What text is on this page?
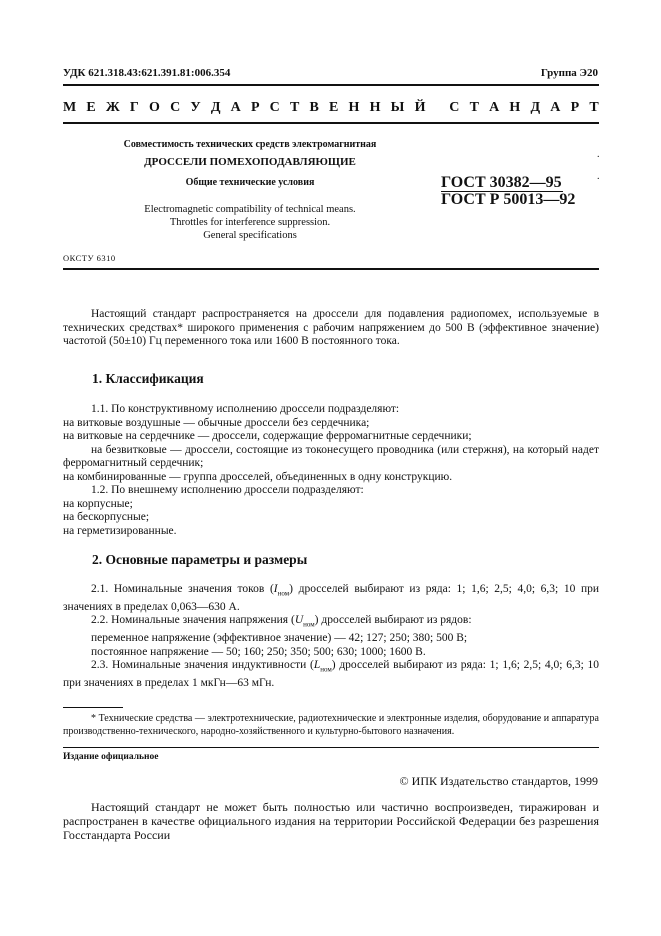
УДК 621.318.43:621.391.81:006.354	Группа Э20
М Е Ж Г О С У Д А Р С Т В Е Н Н Ы Й
С Т А Н Д А Р Т
Совместимость технических средств электромагнитная
ДРОССЕЛИ ПОМЕХОПОДАВЛЯЮЩИЕ
Общие технические условия
Electromagnetic compatibility of technical means.
Throttles for interference suppression.
General specifications
ГОСТ 30382—95
ГОСТ Р 50013—92
.
.
ОКСТУ 6310

Настоящий стандарт распространяется на дроссели для подавления радиопомех, используемые в технических средствах* широкого применения с рабочим напряжением до 500 В (эффективное значение) частотой (50±10) Гц переменного тока или 1600 В постоянного тока.

1. Классификация

1.1. По конструктивному исполнению дроссели подразделяют:

на витковые воздушные — обычные дроссели без сердечника;

на витковые на сердечнике — дроссели, содержащие ферромагнитные сердечники;

на безвитковые — дроссели, состоящие из токонесущего проводника (или стержня), на который надет ферромагнитный сердечник;

на комбинированные — группа дросселей, объединенных в одну конструкцию.

1.2. По внешнему исполнению дроссели подразделяют:

на корпусные;

на бескорпусные;

на герметизированные.

2. Основные параметры и размеры

2.1. Номинальные значения токов $(I_{ном})$ дросселей выбирают из ряда: 1; 1,6; 2,5; 4,0; 6,3; 10 при значениях в пределах 0,063—630 А.

2.2. Номинальные значения напряжения $(U_{ном})$ дросселей выбирают из рядов:

переменное напряжение (эффективное значение) — 42; 127; 250; 380; 500 В;

постоянное напряжение — 50; 160; 250; 350; 500; 630; 1000; 1600 В.

2.3. Номинальные значения индуктивности $(L_{ном})$ дросселей выбирают из ряда: 1; 1,6; 2,5; 4,0; 6,3; 10 при значениях в пределах 1 мкГн—63 мГн.

* Технические средства — электротехнические, радиотехнические и электронные изделия, оборудование и аппаратура производственно-технического, народно-хозяйственного и культурно-бытового назначения.

Издание официальное
© ИПК Издательство стандартов, 1999

Настоящий стандарт не может быть полностью или частично воспроизведен, тиражирован и распространен в качестве официального издания на территории Российской Федерации без разрешения Госстандарта России
